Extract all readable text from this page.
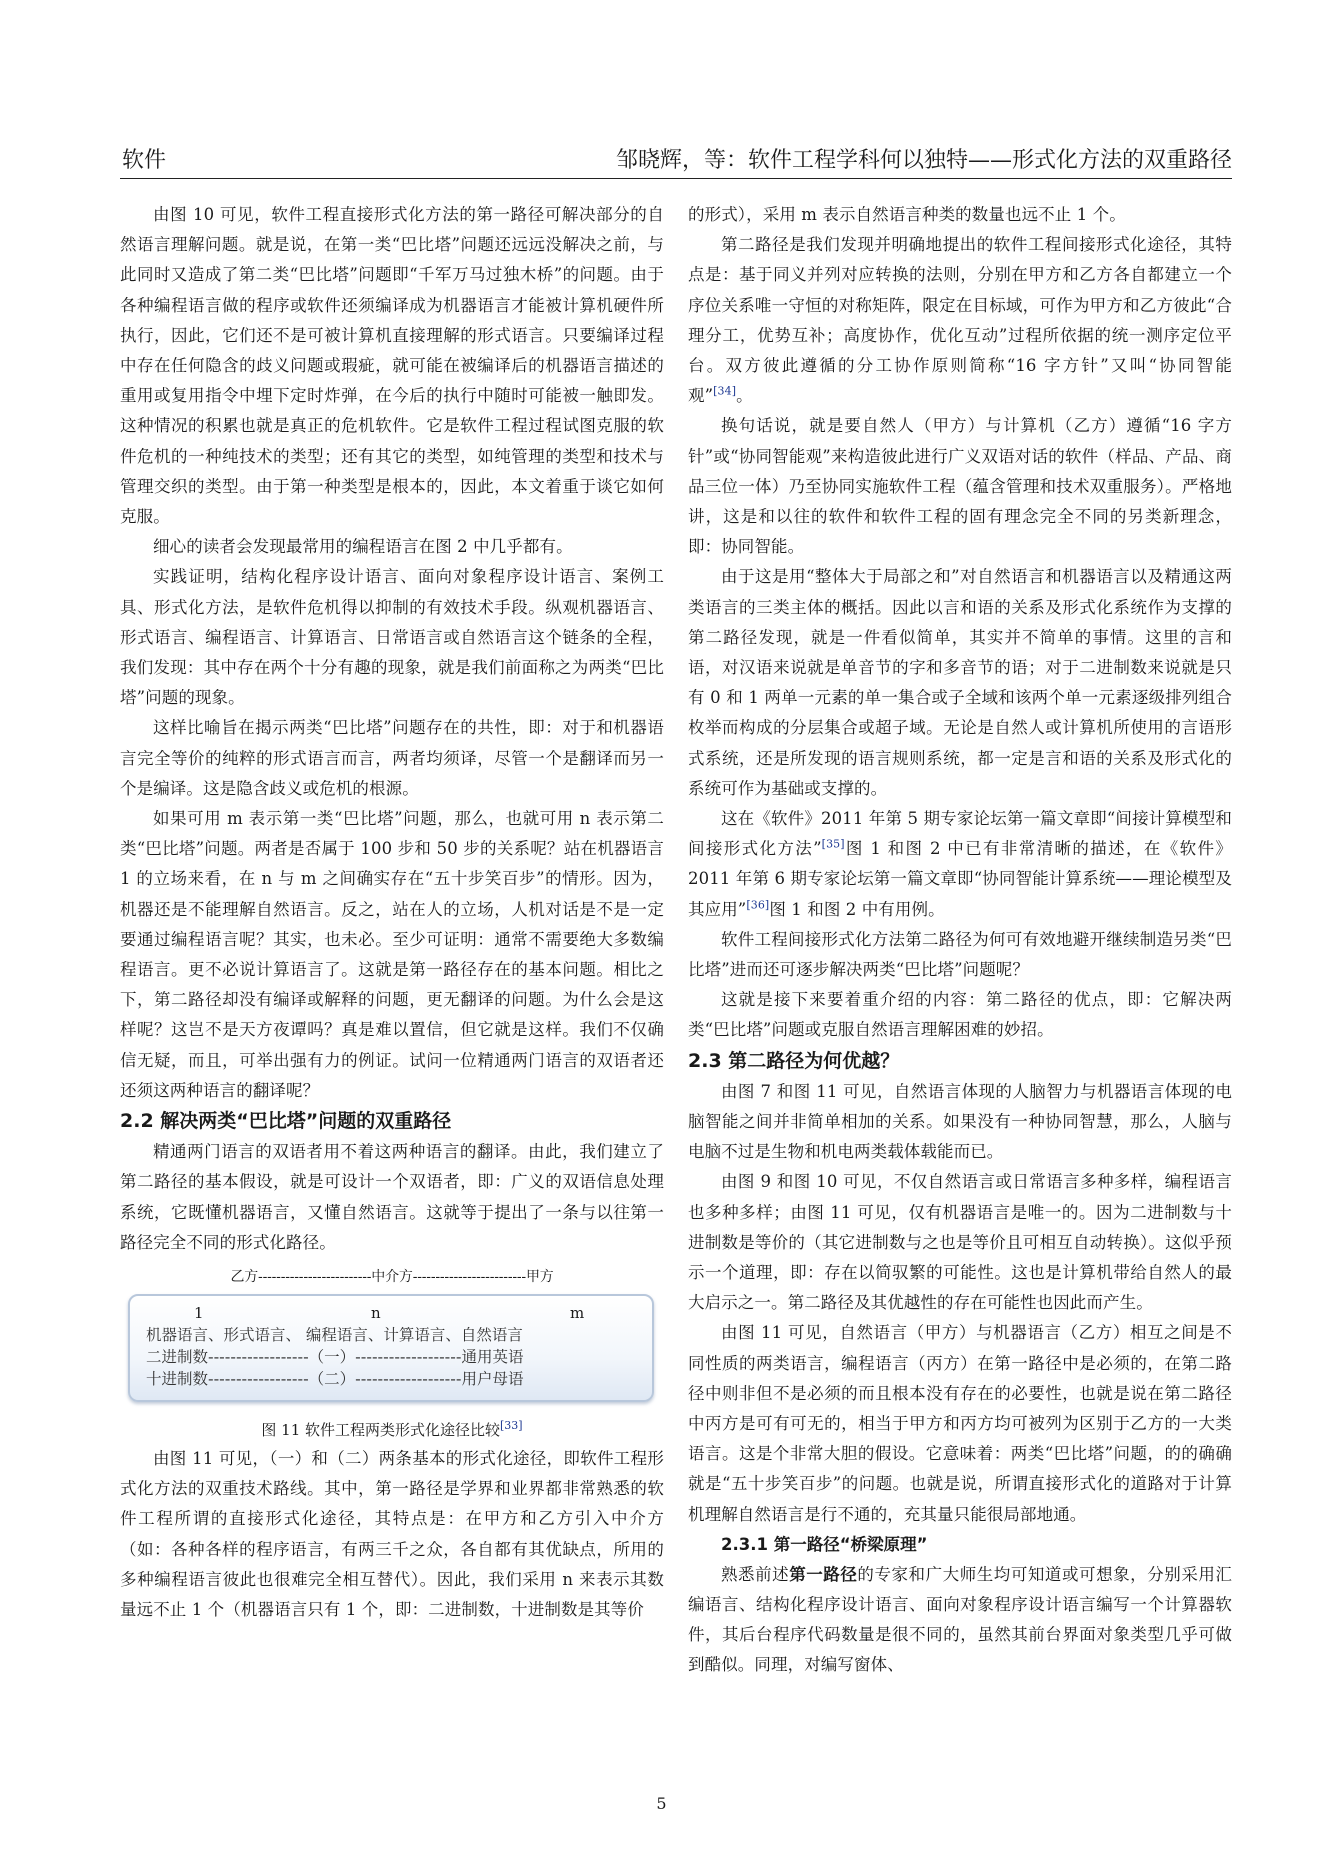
软件	邹晓辉，等：软件工程学科何以独特——形式化方法的双重路径

由图 10 可见，软件工程直接形式化方法的第一路径可解决部分的自然语言理解问题。就是说，在第一类“巴比塔”问题还远远没解决之前，与此同时又造成了第二类“巴比塔”问题即“千军万马过独木桥”的问题。由于各种编程语言做的程序或软件还须编译成为机器语言才能被计算机硬件所执行，因此，它们还不是可被计算机直接理解的形式语言。只要编译过程中存在任何隐含的歧义问题或瑕疵，就可能在被编译后的机器语言描述的重用或复用指令中埋下定时炸弹，在今后的执行中随时可能被一触即发。这种情况的积累也就是真正的危机软件。它是软件工程过程试图克服的软件危机的一种纯技术的类型；还有其它的类型，如纯管理的类型和技术与管理交织的类型。由于第一种类型是根本的，因此，本文着重于谈它如何克服。

细心的读者会发现最常用的编程语言在图 2 中几乎都有。

实践证明，结构化程序设计语言、面向对象程序设计语言、案例工具、形式化方法，是软件危机得以抑制的有效技术手段。纵观机器语言、形式语言、编程语言、计算语言、日常语言或自然语言这个链条的全程，我们发现：其中存在两个十分有趣的现象，就是我们前面称之为两类“巴比塔”问题的现象。

这样比喻旨在揭示两类“巴比塔”问题存在的共性，即：对于和机器语言完全等价的纯粹的形式语言而言，两者均须译，尽管一个是翻译而另一个是编译。这是隐含歧义或危机的根源。

如果可用 m 表示第一类“巴比塔”问题，那么，也就可用 n 表示第二类“巴比塔”问题。两者是否属于 100 步和 50 步的关系呢？站在机器语言 1 的立场来看，在 n 与 m 之间确实存在“五十步笑百步”的情形。因为，机器还是不能理解自然语言。反之，站在人的立场，人机对话是不是一定要通过编程语言呢？其实，也未必。至少可证明：通常不需要绝大多数编程语言。更不必说计算语言了。这就是第一路径存在的基本问题。相比之下，第二路径却没有编译或解释的问题，更无翻译的问题。为什么会是这样呢？这岂不是天方夜谭吗？真是难以置信，但它就是这样。我们不仅确信无疑，而且，可举出强有力的例证。试问一位精通两门语言的双语者还还须这两种语言的翻译呢？

2.2 解决两类“巴比塔”问题的双重路径

精通两门语言的双语者用不着这两种语言的翻译。由此，我们建立了第二路径的基本假设，就是可设计一个双语者，即：广义的双语信息处理系统，它既懂机器语言，又懂自然语言。这就等于提出了一条与以往第一路径完全不同的形式化路径。

乙方-------------------------中介方-------------------------甲方
1	n	m
机器语言、形式语言、 编程语言、计算语言、自然语言
二进制数------------------（一）-------------------通用英语
十进制数------------------（二）-------------------用户母语
图 11 软件工程两类形式化途径比较[33]

由图 11 可见，（一）和（二）两条基本的形式化途径，即软件工程形式化方法的双重技术路线。其中，第一路径是学界和业界都非常熟悉的软件工程所谓的直接形式化途径，其特点是：在甲方和乙方引入中介方（如：各种各样的程序语言，有两三千之众，各自都有其优缺点，所用的多种编程语言彼此也很难完全相互替代）。因此，我们采用 n 来表示其数量远不止 1 个（机器语言只有 1 个，即：二进制数，十进制数是其等价

的形式），采用 m 表示自然语言种类的数量也远不止 1 个。

第二路径是我们发现并明确地提出的软件工程间接形式化途径，其特点是：基于同义并列对应转换的法则，分别在甲方和乙方各自都建立一个序位关系唯一守恒的对称矩阵，限定在目标域，可作为甲方和乙方彼此“合理分工，优势互补；高度协作，优化互动”过程所依据的统一测序定位平台。双方彼此遵循的分工协作原则简称“16 字方针”又叫“协同智能观”[34]。

换句话说，就是要自然人（甲方）与计算机（乙方）遵循“16 字方针”或“协同智能观”来构造彼此进行广义双语对话的软件（样品、产品、商品三位一体）乃至协同实施软件工程（蕴含管理和技术双重服务）。严格地讲，这是和以往的软件和软件工程的固有理念完全不同的另类新理念，即：协同智能。

由于这是用“整体大于局部之和”对自然语言和机器语言以及精通这两类语言的三类主体的概括。因此以言和语的关系及形式化系统作为支撑的第二路径发现，就是一件看似简单，其实并不简单的事情。这里的言和语，对汉语来说就是单音节的字和多音节的语；对于二进制数来说就是只有 0 和 1 两单一元素的单一集合或子全域和该两个单一元素逐级排列组合枚举而构成的分层集合或超子域。无论是自然人或计算机所使用的言语形式系统，还是所发现的语言规则系统，都一定是言和语的关系及形式化的系统可作为基础或支撑的。

这在《软件》2011 年第 5 期专家论坛第一篇文章即“间接计算模型和间接形式化方法”[35]图 1 和图 2 中已有非常清晰的描述，在《软件》2011 年第 6 期专家论坛第一篇文章即“协同智能计算系统——理论模型及其应用”[36]图 1 和图 2 中有用例。

软件工程间接形式化方法第二路径为何可有效地避开继续制造另类“巴比塔”进而还可逐步解决两类“巴比塔”问题呢？

这就是接下来要着重介绍的内容：第二路径的优点，即：它解决两类“巴比塔”问题或克服自然语言理解困难的妙招。

2.3 第二路径为何优越？

由图 7 和图 11 可见，自然语言体现的人脑智力与机器语言体现的电脑智能之间并非简单相加的关系。如果没有一种协同智慧，那么，人脑与电脑不过是生物和机电两类载体载能而已。

由图 9 和图 10 可见，不仅自然语言或日常语言多种多样，编程语言也多种多样；由图 11 可见，仅有机器语言是唯一的。因为二进制数与十进制数是等价的（其它进制数与之也是等价且可相互自动转换）。这似乎预示一个道理，即：存在以简驭繁的可能性。这也是计算机带给自然人的最大启示之一。第二路径及其优越性的存在可能性也因此而产生。

由图 11 可见，自然语言（甲方）与机器语言（乙方）相互之间是不同性质的两类语言，编程语言（丙方）在第一路径中是必须的，在第二路径中则非但不是必须的而且根本没有存在的必要性，也就是说在第二路径中丙方是可有可无的，相当于甲方和丙方均可被列为区别于乙方的一大类语言。这是个非常大胆的假设。它意味着：两类“巴比塔”问题，的的确确就是“五十步笑百步”的问题。也就是说，所谓直接形式化的道路对于计算机理解自然语言是行不通的，充其量只能很局部地通。

2.3.1 第一路径“桥梁原理”

熟悉前述第一路径的专家和广大师生均可知道或可想象，分别采用汇编语言、结构化程序设计语言、面向对象程序设计语言编写一个计算器软件，其后台程序代码数量是很不同的，虽然其前台界面对象类型几乎可做到酷似。同理，对编写窗体、

5
